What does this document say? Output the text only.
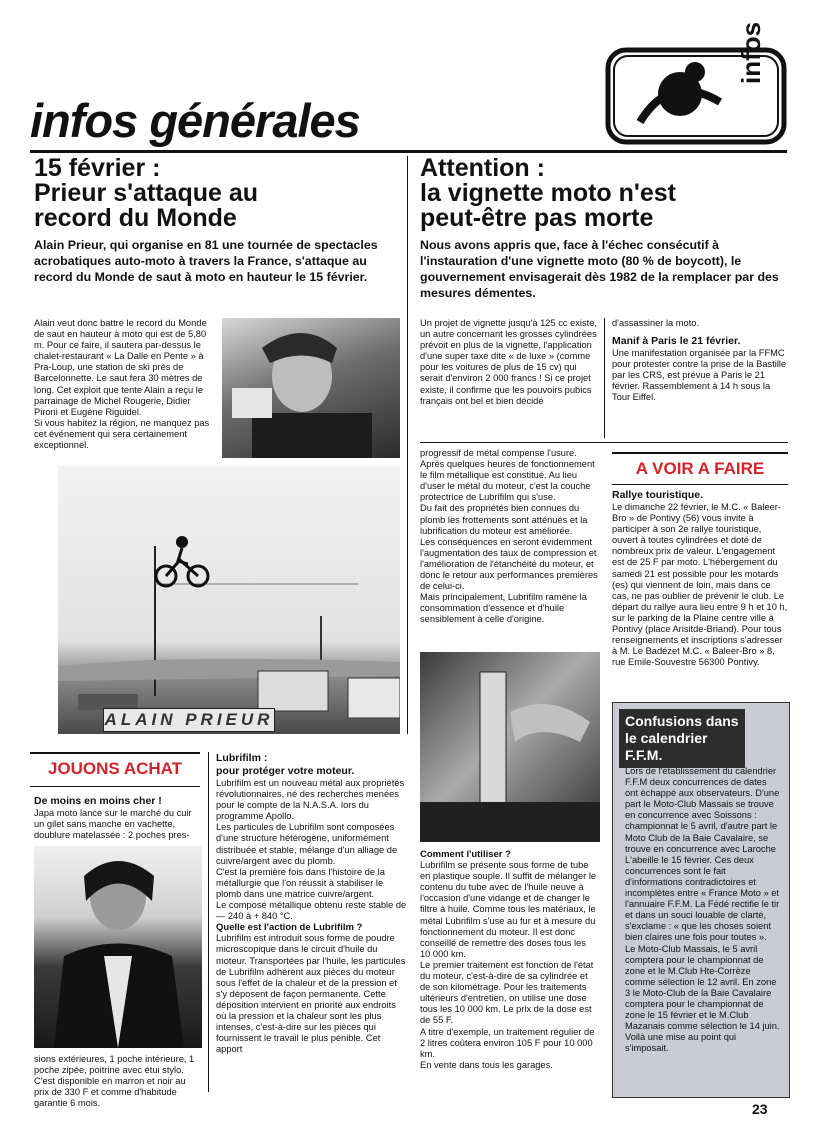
infos générales
infos
15 février :
Prieur s'attaque au
record du Monde
Alain Prieur, qui organise en 81 une tournée de spectacles acrobatiques auto-moto à travers la France, s'attaque au record du Monde de saut à moto en hauteur le 15 février.

Alain veut donc battre le record du Monde de saut en hauteur à moto qui est de 5,80 m. Pour ce faire, il sautera par-dessus le chalet-restaurant « La Dalle en Pente » à Pra-Loup, une station de ski près de Barcelonnette. Le saut fera 30 mètres de long. Cet exploit que tente Alain a reçu le parrainage de Michel Rougerie, Didier Pironi et Eugène Riguidel.

Si vous habitez la région, ne manquez pas cet événement qui sera certainement exceptionnel.

ALAIN PRIEUR
Attention :
la vignette moto n'est
peut-être pas morte
Nous avons appris que, face à l'échec consécutif à l'instauration d'une vignette moto (80 % de boycott), le gouvernement envisagerait dès 1982 de la remplacer par des mesures démentes.
Un projet de vignette jusqu'à 125 cc existe, un autre concernant les grosses cylindrées prévoit en plus de la vignette, l'application d'une super taxe dite « de luxe » (comme pour les voitures de plus de 15 cv) qui serait d'environ 2 000 francs ! Si ce projet existe, il confirme que les pouvoirs pubics français ont bel et bien décidé

d'assassiner la moto.

Manif à Paris le 21 février.

Une manifestation organisée par la FFMC pour protester contre la prise de la Bastille par les CRS, est prévue à Paris le 21 février. Rassemblement à 14 h sous la Tour Eiffel.

progressif de métal compense l'usure. Après quelques heures de fonctionnement le film métallique est constitué. Au lieu d'user le métal du moteur, c'est la couche protectrice de Lubrifilm qui s'use.

Du fait des propriétés bien connues du plomb les frottements sont atténués et la lubrification du moteur est améliorée.

Les conséquences en seront évidemment l'augmentation des taux de compression et l'amélioration de l'étanchéité du moteur, et donc le retour aux performances premières de celui-ci.

Mais principalement, Lubrifilm ramène la consommation d'essence et d'huile sensiblement à celle d'origine.

Comment l'utiliser ?

Lubrifilm se présente sous forme de tube en plastique souple. Il suffit de mélanger le contenu du tube avec de l'huile neuve à l'occasion d'une vidange et de changer le filtre à huile. Comme tous les matériaux, le métal Lubrifilm s'use au fur et à mesure du fonctionnement du moteur. Il est donc conseillé de remettre des doses tous les 10 000 km.

Le premier traitement est fonction de l'état du moteur, c'est-à-dire de sa cylindrée et de son kilométrage. Pour les traitements ultérieurs d'entretien, on utilise une dose tous les 10 000 km. Le prix de la dose est de 55 F.

A titre d'exemple, un traitement régulier de 2 litres coûtera environ 105 F pour 10 000 km.

En vente dans tous les garages.

A VOIR A FAIRE

Rallye touristique.

Le dimanche 22 février, le M.C. « Baleer-Bro » de Pontivy (56) vous invite à participer à son 2e rallye touristique, ouvert à toutes cylindrées et doté de nombreux prix de valeur. L'engagement est de 25 F par moto. L'hébergement du samedi 21 est possible pour les motards (es) qui viennent de loin, mais dans ce cas, ne pas oublier de prévenir le club. Le départ du rallye aura lieu entre 9 h et 10 h, sur le parking de la Plaine centre ville à Pontivy (place Arisitde-Briand). Pour tous renseignements et inscriptions s'adresser à M. Le Badézet M.C. « Baleer-Bro » 8, rue Emile-Souvestre 56300 Pontivy.

Confusions dans
le calendrier F.F.M.

Lors de l'établissement du calendrier F.F.M deux concurrences de dates ont échappé aux observateurs. D'une part le Moto-Club Massais se trouve en concurrence avec Soissons : championnat le 5 avril, d'autre part le Moto Club de la Baie Cavalaire, se trouve en concurrence avec Laroche L'abeille le 15 février. Ces deux concurrences sont le fait d'informations contradictoires et incomplètes entre « France Moto » et l'annuaire F.F.M. La Fédé rectifie le tir et dans un souci louable de clarté, s'exclame : « que les choses soient bien claires une fois pour toutes ».

Le Moto-Club Massais, le 5 avril comptera pour le championnat de zone et le M.Club Hte-Corrèze comme sélection le 12 avril. En zone 3 le Moto-Club de la Baie Cavalaire comptera pour le championnat de zone le 15 février et le M.Club Mazanais comme sélection le 14 juin.

Voilà une mise au point qui s'imposait.

JOUONS ACHAT

De moins en moins cher !

Japa moto lance sur le marché du cuir un gilet sans manche en vachette, doublure matelassée : 2 poches pres-

sions extérieures, 1 poche intérieure, 1 poche zipée, poitrine avec étui stylo. C'est disponible en marron et noir au prix de 330 F et comme d'habitude garantie 6 mois.

Lubrifilm :

pour protéger votre moteur.

Lubrifilm est un nouveau métal aux propriétés révolutionnaires, né des recherches menées pour le compte de la N.A.S.A. lors du programme Apollo.

Les particules de Lubrifilm sont composées d'une structure hétérogène, uniformément distribuée et stable, mélange d'un alliage de cuivre/argent avec du plomb.

C'est la première fois dans l'histoire de la métallurgie que l'on réussit à stabiliser le plomb dans une matrice cuivre/argent.

Le composé métallique obtenu reste stable de — 240 à + 840 °C.

Quelle est l'action de Lubrifilm ?

Lubrifilm est introduit sous forme de poudre microscopique dans le circuit d'huile du moteur. Transportées par l'huile, les particules de Lubrifilm adhèrent aux pièces du moteur sous l'effet de la chaleur et de la pression et s'y déposent de façon permanente. Cette déposition intervient en priorité aux endroits où la pression et la chaleur sont les plus intenses, c'est-à-dire sur les pièces qui fournissent le travail le plus pénible. Cet apport

23
